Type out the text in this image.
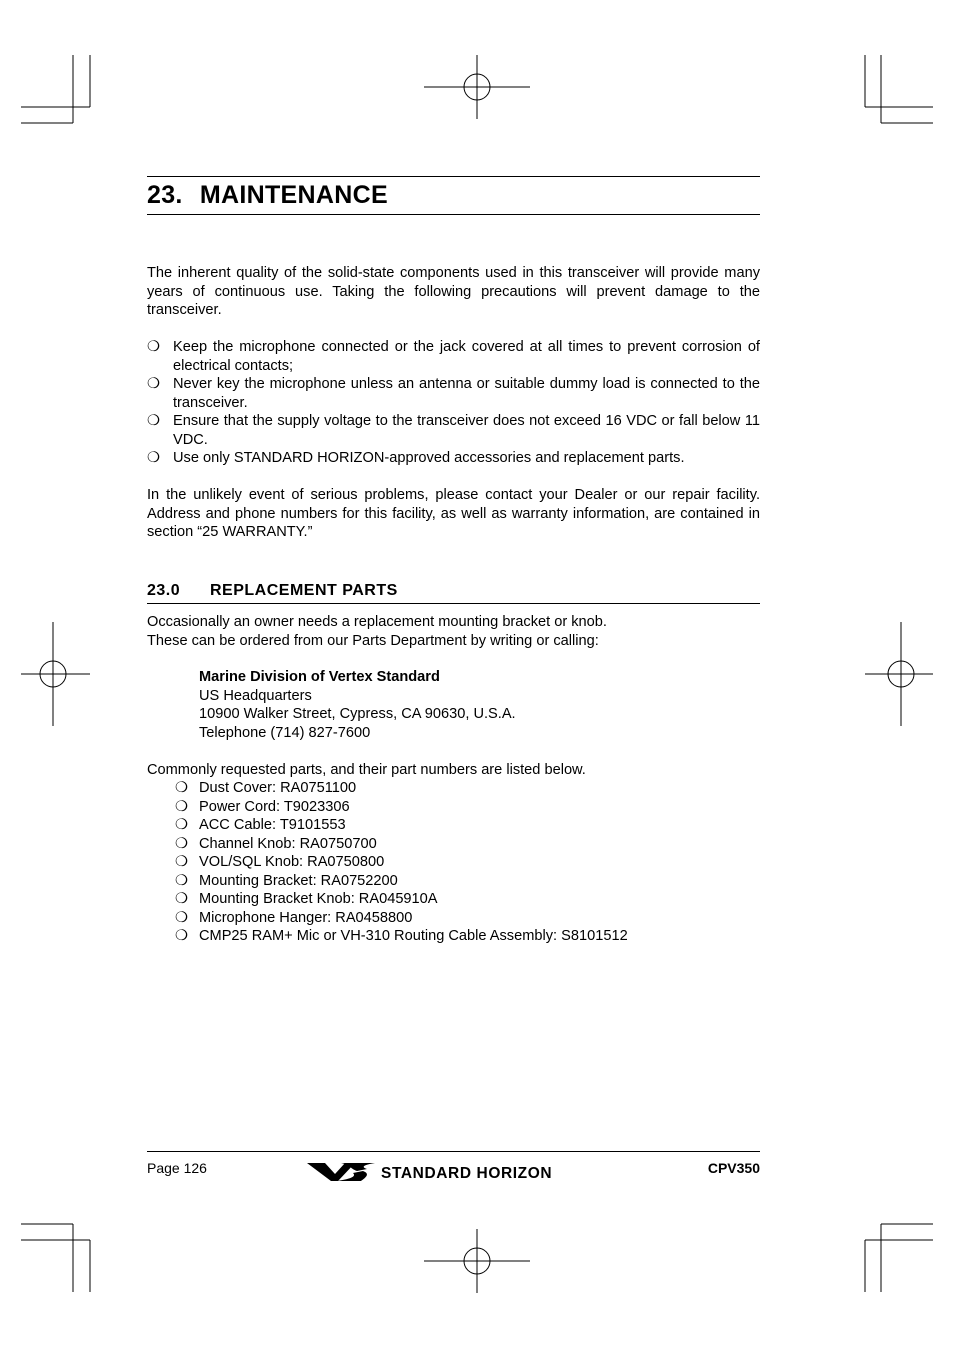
23. MAINTENANCE

The inherent quality of the solid-state components used in this transceiver will provide many years of continuous use. Taking the following precautions will prevent damage to the transceiver.

❍ Keep the microphone connected or the jack covered at all times to prevent corrosion of electrical contacts;
❍ Never key the microphone unless an antenna or suitable dummy load is connected to the transceiver.
❍ Ensure that the supply voltage to the transceiver does not exceed 16 VDC or fall below 11 VDC.
❍ Use only STANDARD HORIZON-approved accessories and replacement parts.

In the unlikely event of serious problems, please contact your Dealer or our repair facility. Address and phone numbers for this facility, as well as warranty information, are contained in section “25 WARRANTY.”

23.0 REPLACEMENT PARTS
Occasionally an owner needs a replacement mounting bracket or knob.
These can be ordered from our Parts Department by writing or calling:
Marine Division of Vertex Standard
US Headquarters
10900 Walker Street, Cypress, CA 90630, U.S.A.
Telephone (714) 827-7600
Commonly requested parts, and their part numbers are listed below.
❍ Dust Cover: RA0751100
❍ Power Cord: T9023306
❍ ACC Cable: T9101553
❍ Channel Knob: RA0750700
❍ VOL/SQL Knob: RA0750800
❍ Mounting Bracket: RA0752200
❍ Mounting Bracket Knob: RA045910A
❍ Microphone Hanger: RA0458800
❍ CMP25 RAM+ Mic or VH-310 Routing Cable Assembly: S8101512
Page 126	STANDARD HORIZON	CPV350
